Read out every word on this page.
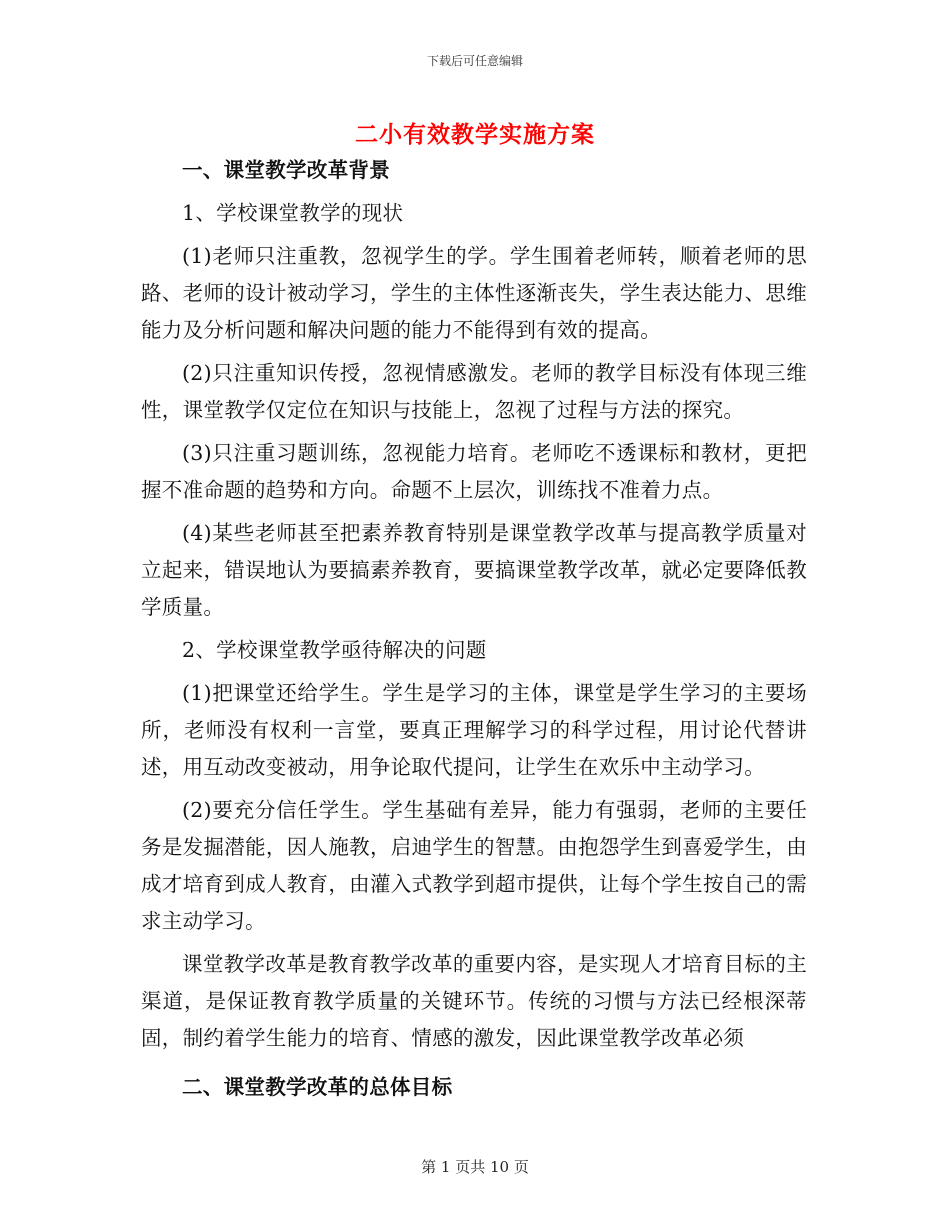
下载后可任意编辑
二小有效教学实施方案

一、课堂教学改革背景

1、学校课堂教学的现状

(1)老师只注重教，忽视学生的学。学生围着老师转，顺着老师的思路、老师的设计被动学习，学生的主体性逐渐丧失，学生表达能力、思维能力及分析问题和解决问题的能力不能得到有效的提高。

(2)只注重知识传授，忽视情感激发。老师的教学目标没有体现三维性，课堂教学仅定位在知识与技能上，忽视了过程与方法的探究。

(3)只注重习题训练，忽视能力培育。老师吃不透课标和教材，更把握不准命题的趋势和方向。命题不上层次，训练找不准着力点。

(4)某些老师甚至把素养教育特别是课堂教学改革与提高教学质量对立起来，错误地认为要搞素养教育，要搞课堂教学改革，就必定要降低教学质量。

2、学校课堂教学亟待解决的问题

(1)把课堂还给学生。学生是学习的主体，课堂是学生学习的主要场所，老师没有权利一言堂，要真正理解学习的科学过程，用讨论代替讲述，用互动改变被动，用争论取代提问，让学生在欢乐中主动学习。

(2)要充分信任学生。学生基础有差异，能力有强弱，老师的主要任务是发掘潜能，因人施教，启迪学生的智慧。由抱怨学生到喜爱学生，由成才培育到成人教育，由灌入式教学到超市提供，让每个学生按自己的需求主动学习。

课堂教学改革是教育教学改革的重要内容，是实现人才培育目标的主渠道，是保证教育教学质量的关键环节。传统的习惯与方法已经根深蒂固，制约着学生能力的培育、情感的激发，因此课堂教学改革必须

二、课堂教学改革的总体目标

第 1 页共 10 页
